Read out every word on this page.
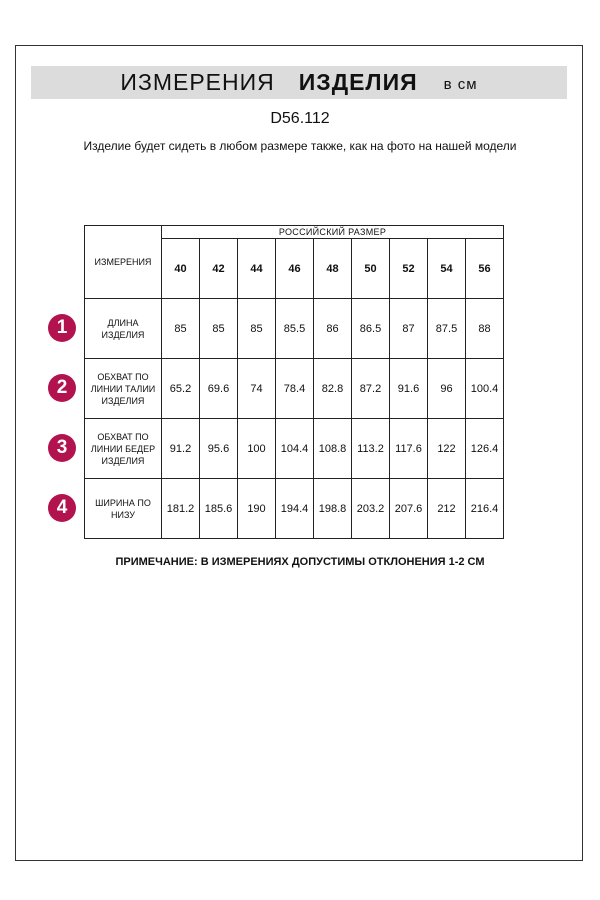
ИЗМЕРЕНИЯ ИЗДЕЛИЯ в см
D56.112
Изделие будет сидеть в любом размере также, как на фото на нашей модели
ИЗМЕРЕНИЯ	РОССИЙСКИЙ РАЗМЕР								
	40	42	44	46	48	50	52	54	56
ДЛИНА ИЗДЕЛИЯ	85	85	85	85.5	86	86.5	87	87.5	88
ОБХВАТ ПО ЛИНИИ ТАЛИИ ИЗДЕЛИЯ	65.2	69.6	74	78.4	82.8	87.2	91.6	96	100.4
ОБХВАТ ПО ЛИНИИ БЕДЕР ИЗДЕЛИЯ	91.2	95.6	100	104.4	108.8	113.2	117.6	122	126.4
ШИРИНА ПО НИЗУ	181.2	185.6	190	194.4	198.8	203.2	207.6	212	216.4
1
2
3
4
ПРИМЕЧАНИЕ: В ИЗМЕРЕНИЯХ ДОПУСТИМЫ ОТКЛОНЕНИЯ 1-2 СМ
